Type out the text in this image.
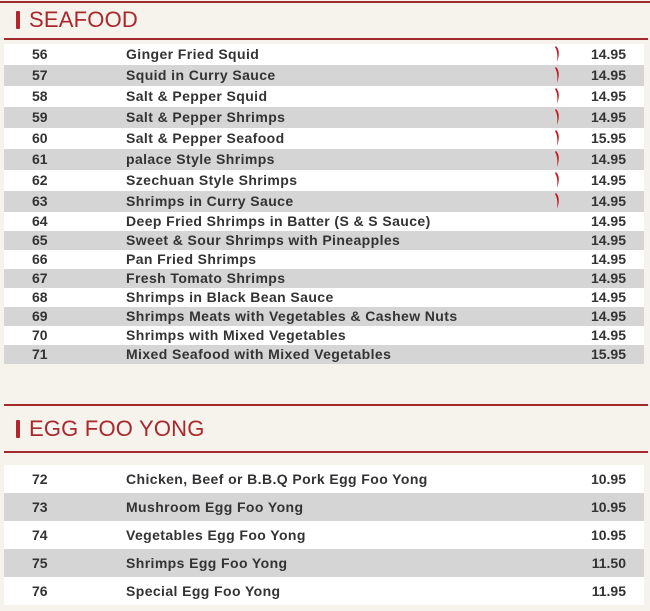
SEAFOOD
56	Ginger Fried Squid	14.95
57	Squid in Curry Sauce	14.95
58	Salt & Pepper Squid	14.95
59	Salt & Pepper Shrimps	14.95
60	Salt & Pepper Seafood	15.95
61	palace Style Shrimps	14.95
62	Szechuan Style Shrimps	14.95
63	Shrimps in Curry Sauce	14.95
64	Deep Fried Shrimps in Batter (S & S Sauce)	14.95
65	Sweet & Sour Shrimps with Pineapples	14.95
66	Pan Fried Shrimps	14.95
67	Fresh Tomato Shrimps	14.95
68	Shrimps in Black Bean Sauce	14.95
69	Shrimps Meats with Vegetables & Cashew Nuts	14.95
70	Shrimps with Mixed Vegetables	14.95
71	Mixed Seafood with Mixed Vegetables	15.95
EGG FOO YONG
72	Chicken, Beef or B.B.Q Pork Egg Foo Yong	10.95
73	Mushroom Egg Foo Yong	10.95
74	Vegetables Egg Foo Yong	10.95
75	Shrimps Egg Foo Yong	11.50
76	Special Egg Foo Yong	11.95
